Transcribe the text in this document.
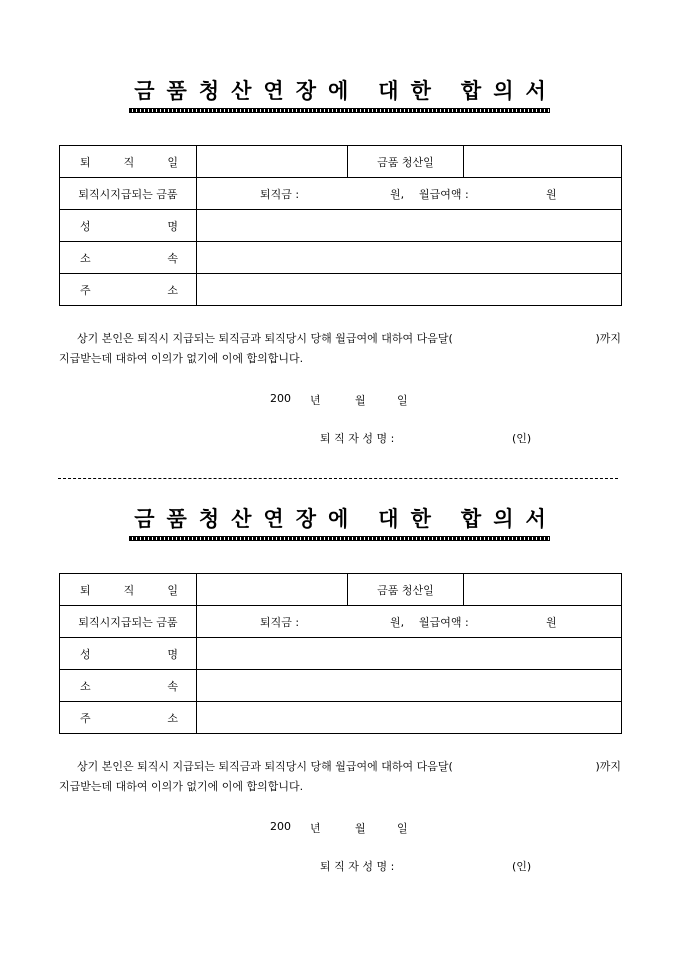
금 품 청 산 연 장 에 대 한 합 의 서
퇴 직 일		금품 청산일	
퇴직시지급되는 금품	퇴직금 : 원, 월급여액 : 원		

성 명			
소 속			
주 소			
상기 본인은 퇴직시 지급되는 퇴직금과 퇴직당시 당해 월급여에 대하여 다음달(	)까지
지급받는데 대하여 이의가 없기에 이에 합의합니다.
200 년	월	일
퇴 직 자 성 명 :	(인)
금 품 청 산 연 장 에 대 한 합 의 서
퇴 직 일		금품 청산일	
퇴직시지급되는 금품	퇴직금 : 원, 월급여액 : 원		

성 명			
소 속			
주 소			
상기 본인은 퇴직시 지급되는 퇴직금과 퇴직당시 당해 월급여에 대하여 다음달(	)까지
지급받는데 대하여 이의가 없기에 이에 합의합니다.
200 년	월	일
퇴 직 자 성 명 :	(인)
